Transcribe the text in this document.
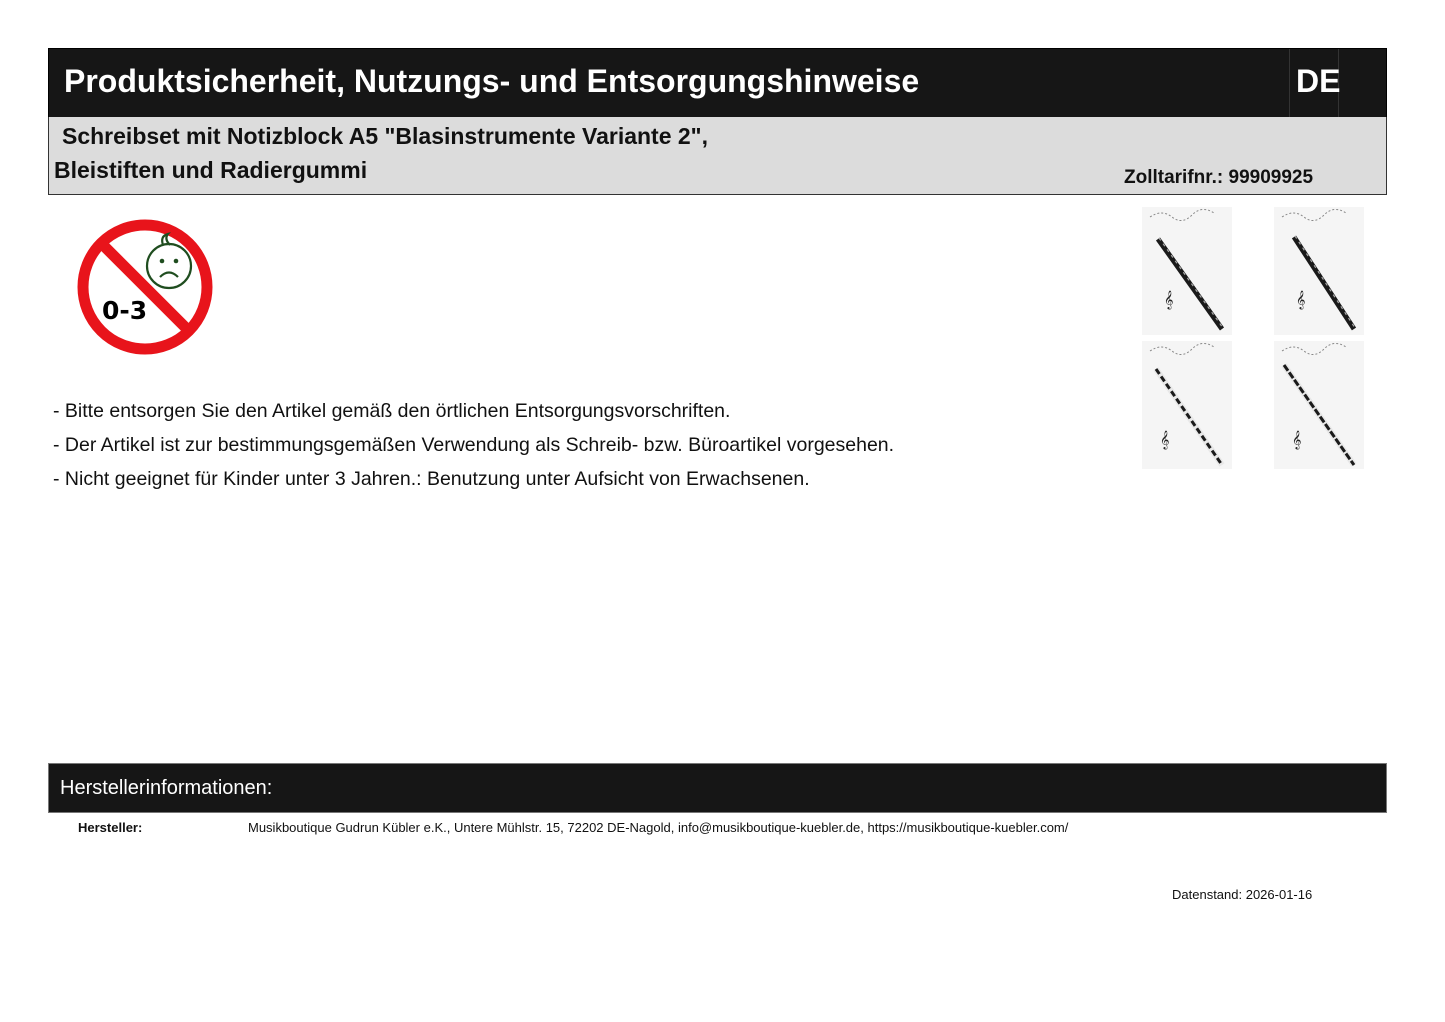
Produktsicherheit, Nutzungs- und Entsorgungshinweise	DE
Schreibset mit Notizblock A5 "Blasinstrumente Variante 2",
Bleistiften und Radiergummi	Zolltarifnr.: 99909925
0-3	𝄞	𝄞
𝄞	𝄞
- Bitte entsorgen Sie den Artikel gemäß den örtlichen Entsorgungsvorschriften.
- Der Artikel ist zur bestimmungsgemäßen Verwendung als Schreib- bzw. Büroartikel vorgesehen.
- Nicht geeignet für Kinder unter 3 Jahren.: Benutzung unter Aufsicht von Erwachsenen.
Herstellerinformationen:
Hersteller:	Musikboutique Gudrun Kübler e.K., Untere Mühlstr. 15, 72202 DE-Nagold, info@musikboutique-kuebler.de, https://musikboutique-kuebler.com/
Datenstand: 2026-01-16
